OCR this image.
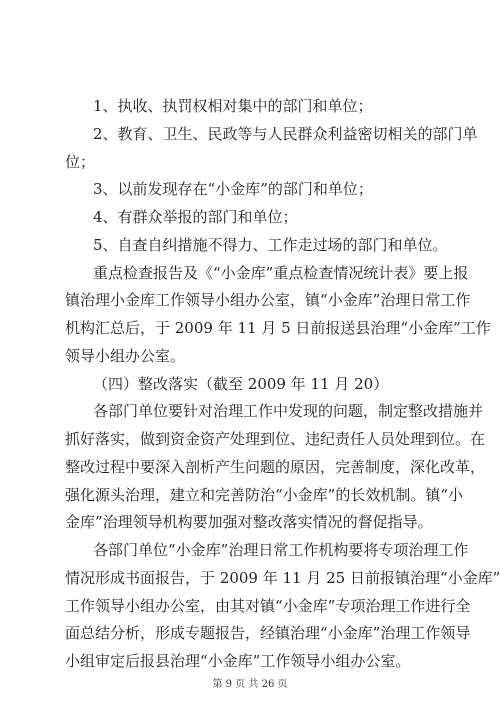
1、执收、执罚权相对集中的部门和单位；
2、教育、卫生、民政等与人民群众利益密切相关的部门单
位；
3、以前发现存在“小金库”的部门和单位；
4、有群众举报的部门和单位；
5、自查自纠措施不得力、工作走过场的部门和单位。
重点检查报告及《“小金库”重点检查情况统计表》要上报
镇治理小金库工作领导小组办公室，镇“小金库”治理日常工作
机构汇总后，于 2009 年 11 月 5 日前报送县治理“小金库”工作
领导小组办公室。
（四）整改落实（截至 2009 年 11 月 20）
各部门单位要针对治理工作中发现的问题，制定整改措施并
抓好落实，做到资金资产处理到位、违纪责任人员处理到位。在
整改过程中要深入剖析产生问题的原因，完善制度，深化改革，
强化源头治理，建立和完善防治“小金库”的长效机制。镇“小
金库”治理领导机构要加强对整改落实情况的督促指导。
各部门单位“小金库”治理日常工作机构要将专项治理工作
情况形成书面报告，于 2009 年 11 月 25 日前报镇治理“小金库”
工作领导小组办公室，由其对镇“小金库”专项治理工作进行全
面总结分析，形成专题报告，经镇治理“小金库”治理工作领导
小组审定后报县治理“小金库”工作领导小组办公室。
第 9 页 共 26 页
